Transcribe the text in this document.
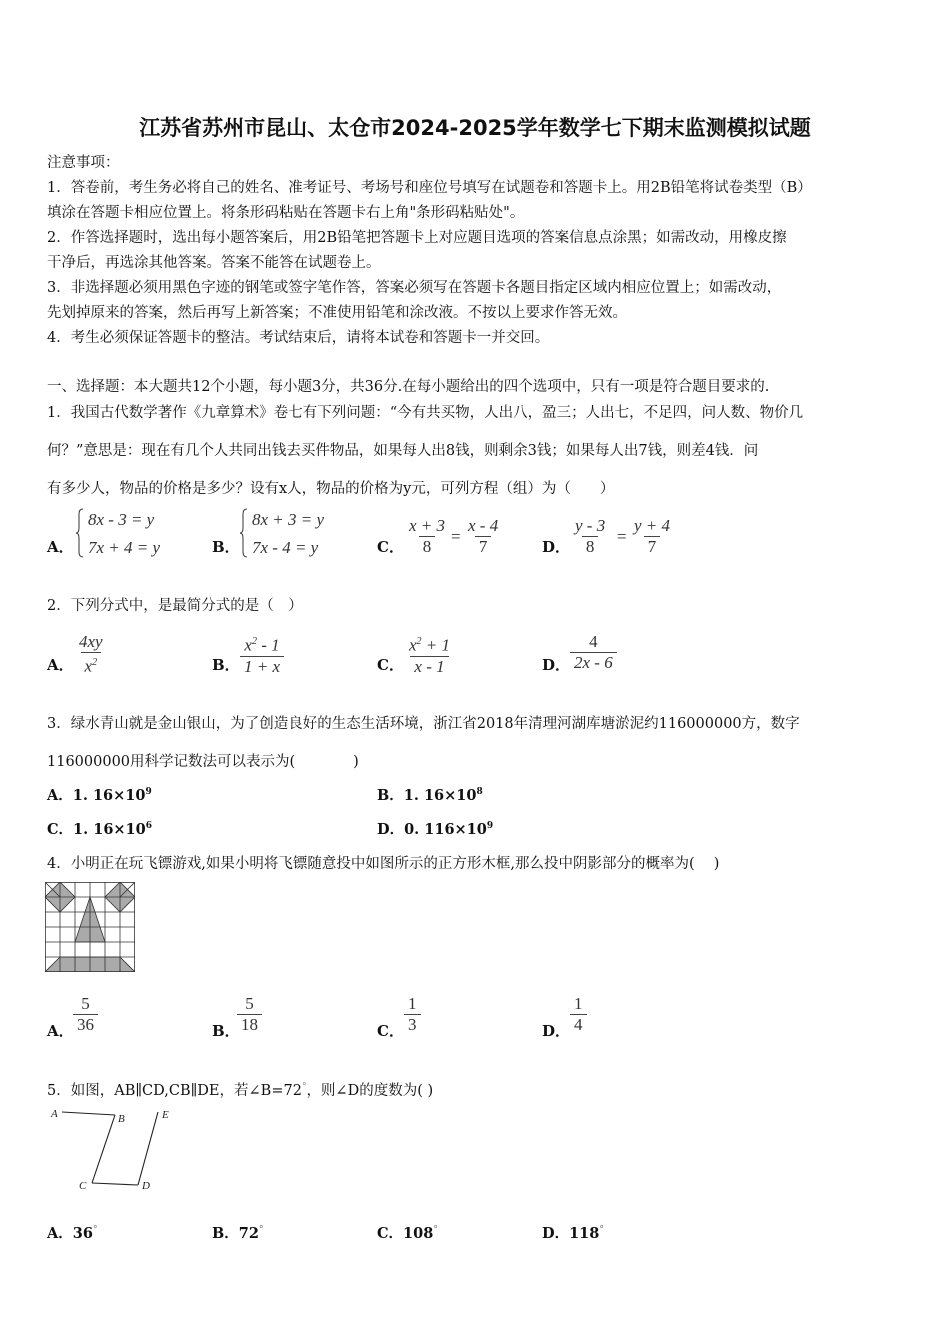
江苏省苏州市昆山、太仓市2024-2025学年数学七下期末监测模拟试题
注意事项：
1．答卷前，考生务必将自己的姓名、准考证号、考场号和座位号填写在试题卷和答题卡上。用2B铅笔将试卷类型（B）
填涂在答题卡相应位置上。将条形码粘贴在答题卡右上角"条形码粘贴处"。
2．作答选择题时，选出每小题答案后，用2B铅笔把答题卡上对应题目选项的答案信息点涂黑；如需改动，用橡皮擦
干净后，再选涂其他答案。答案不能答在试题卷上。
3．非选择题必须用黑色字迹的钢笔或签字笔作答，答案必须写在答题卡各题目指定区域内相应位置上；如需改动，
先划掉原来的答案，然后再写上新答案；不准使用铅笔和涂改液。不按以上要求作答无效。
4．考生必须保证答题卡的整洁。考试结束后，请将本试卷和答题卡一并交回。
一、选择题：本大题共12个小题，每小题3分，共36分.在每小题给出的四个选项中，只有一项是符合题目要求的.
1．我国古代数学著作《九章算术》卷七有下列问题：“今有共买物，人出八，盈三；人出七，不足四，问人数、物价几
何？”意思是：现在有几个人共同出钱去买件物品，如果每人出8钱，则剩余3钱；如果每人出7钱，则差4钱．问
有多少人，物品的价格是多少？设有x人，物品的价格为y元，可列方程（组）为（　　）
A．
8x - 3 = y
7x + 4 = y	B．
8x + 3 = y
7x - 4 = y	C． $\frac{x + 3}{8} = \frac{x - 4}{7}$	D． $\frac{y - 3}{8} = \frac{y + 4}{7}$
2．下列分式中，是最简分式的是（　）
A． $\frac{4xy}{x^2}$	B． $\frac{x^2 - 1}{1 + x}$	C． $\frac{x^2 + 1}{x - 1}$	D． $\frac{4}{2x - 6}$
3．绿水青山就是金山银山，为了创造良好的生态生活环境，浙江省2018年清理河湖库塘淤泥约116000000方，数字
116000000用科学记数法可以表示为(　　　　)
A．1. $16\times 10^9$	B．1. $16\times 10^8$
C．1. $16\times 10^6$	D．0. $116\times 10^9$
4．小明正在玩飞镖游戏,如果小明将飞镖随意投中如图所示的正方形木框,那么投中阴影部分的概率为(　 )
A． $\frac{5}{36}$	B．
$\frac{5}{18}$	C． $\frac{1}{3}$	D． $\frac{1}{4}$
5．如图，AB∥CD,CB∥DE，若∠B=72°，则∠D的度数为( )
A	B
C	D
E
A．36°	B．72°	C．108°	D．118°
